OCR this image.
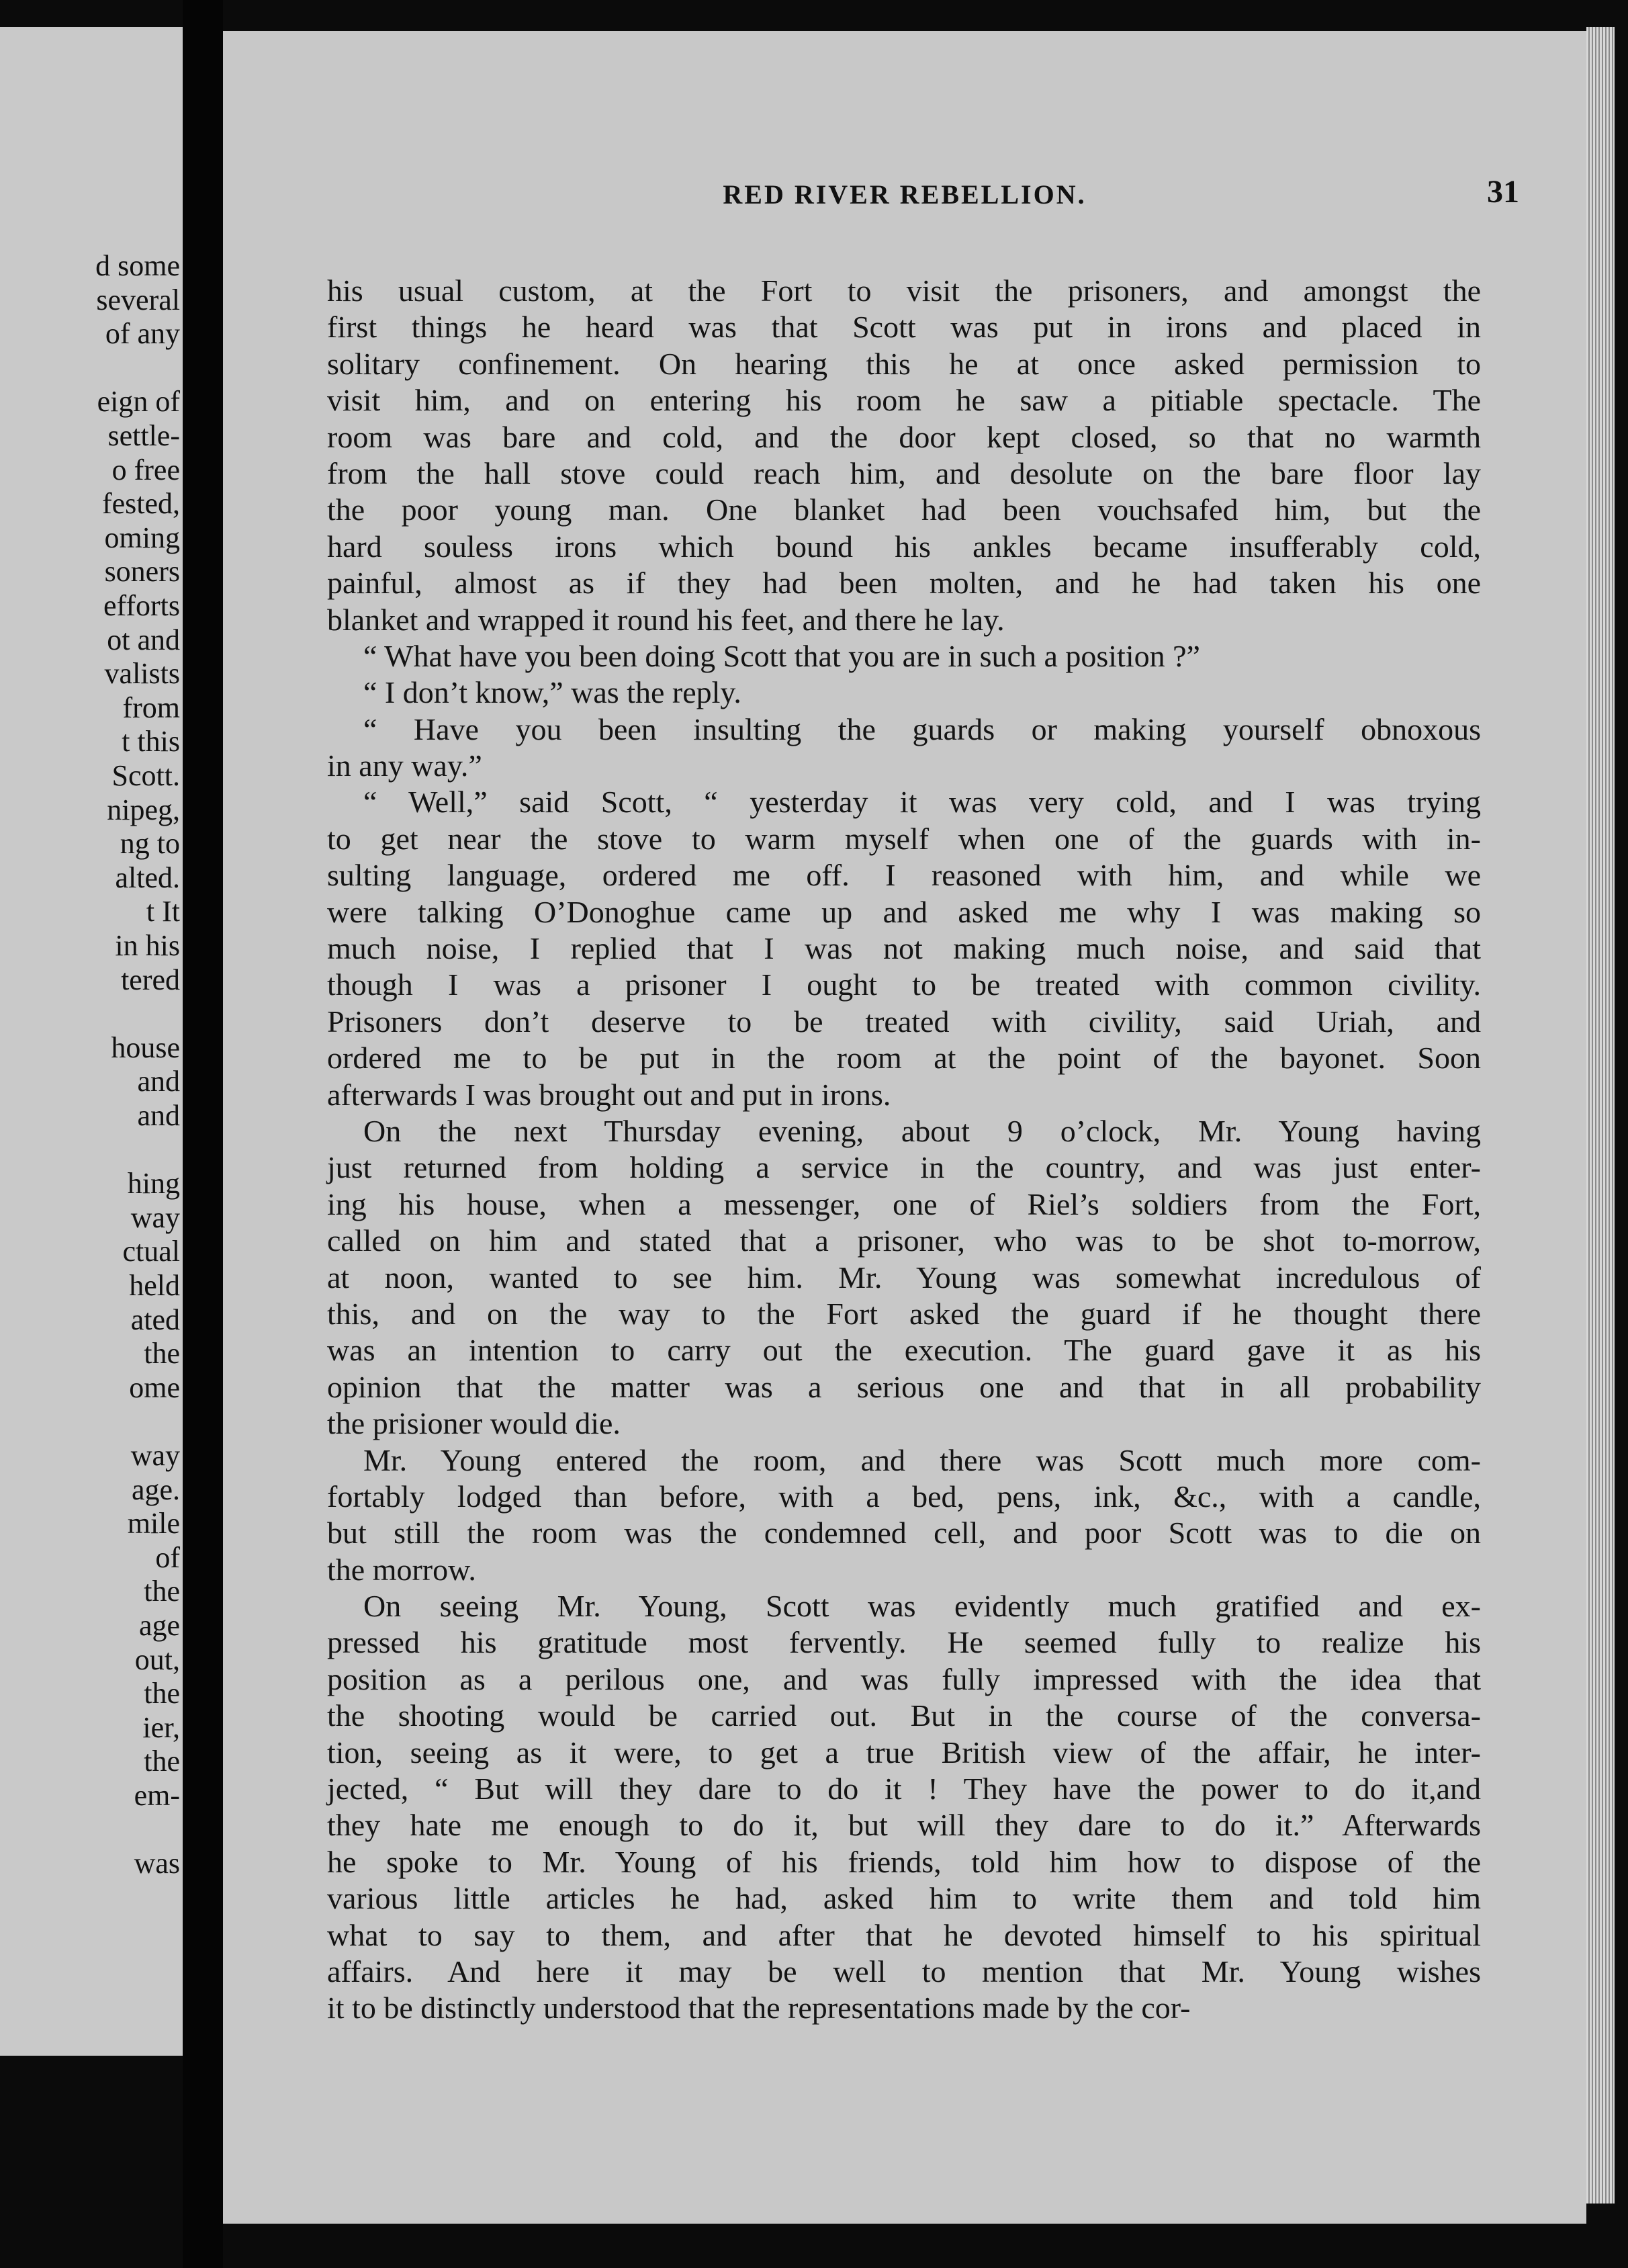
d some
several
of any
eign of
settle-
o free
fested,
oming
soners
efforts
ot and
valists
from
t this
Scott.
nipeg,
ng to
alted.
t It
in his
tered
house
and
and
hing
way
ctual
held
ated
the
ome
way
age.
mile
of
the
age
out,
the
ier,
the
em-
was
RED RIVER REBELLION.	31
his usual custom, at the Fort to visit the prisoners, and amongst the
first things he heard was that Scott was put in irons and placed in
solitary confinement. On hearing this he at once asked permission to
visit him, and on entering his room he saw a pitiable spectacle. The
room was bare and cold, and the door kept closed, so that no warmth
from the hall stove could reach him, and desolute on the bare floor lay
the poor young man. One blanket had been vouchsafed him, but the
hard souless irons which bound his ankles became insufferably cold,
painful, almost as if they had been molten, and he had taken his one
blanket and wrapped it round his feet, and there he lay.
“ What have you been doing Scott that you are in such a position ?”
“ I don’t know,” was the reply.
“ Have you been insulting the guards or making yourself obnoxous
in any way.”
“ Well,” said Scott, “ yesterday it was very cold, and I was trying
to get near the stove to warm myself when one of the guards with in-
sulting language, ordered me off. I reasoned with him, and while we
were talking O’Donoghue came up and asked me why I was making so
much noise, I replied that I was not making much noise, and said that
though I was a prisoner I ought to be treated with common civility.
Prisoners don’t deserve to be treated with civility, said Uriah, and
ordered me to be put in the room at the point of the bayonet. Soon
afterwards I was brought out and put in irons.
On the next Thursday evening, about 9 o’clock, Mr. Young having
just returned from holding a service in the country, and was just enter-
ing his house, when a messenger, one of Riel’s soldiers from the Fort,
called on him and stated that a prisoner, who was to be shot to-morrow,
at noon, wanted to see him. Mr. Young was somewhat incredulous of
this, and on the way to the Fort asked the guard if he thought there
was an intention to carry out the execution. The guard gave it as his
opinion that the matter was a serious one and that in all probability
the prisioner would die.
Mr. Young entered the room, and there was Scott much more com-
fortably lodged than before, with a bed, pens, ink, &c., with a candle,
but still the room was the condemned cell, and poor Scott was to die on
the morrow.
On seeing Mr. Young, Scott was evidently much gratified and ex-
pressed his gratitude most fervently. He seemed fully to realize his
position as a perilous one, and was fully impressed with the idea that
the shooting would be carried out. But in the course of the conversa-
tion, seeing as it were, to get a true British view of the affair, he inter-
jected, “ But will they dare to do it ! They have the power to do it,and
they hate me enough to do it, but will they dare to do it.” Afterwards
he spoke to Mr. Young of his friends, told him how to dispose of the
various little articles he had, asked him to write them and told him
what to say to them, and after that he devoted himself to his spiritual
affairs. And here it may be well to mention that Mr. Young wishes
it to be distinctly understood that the representations made by the cor-
